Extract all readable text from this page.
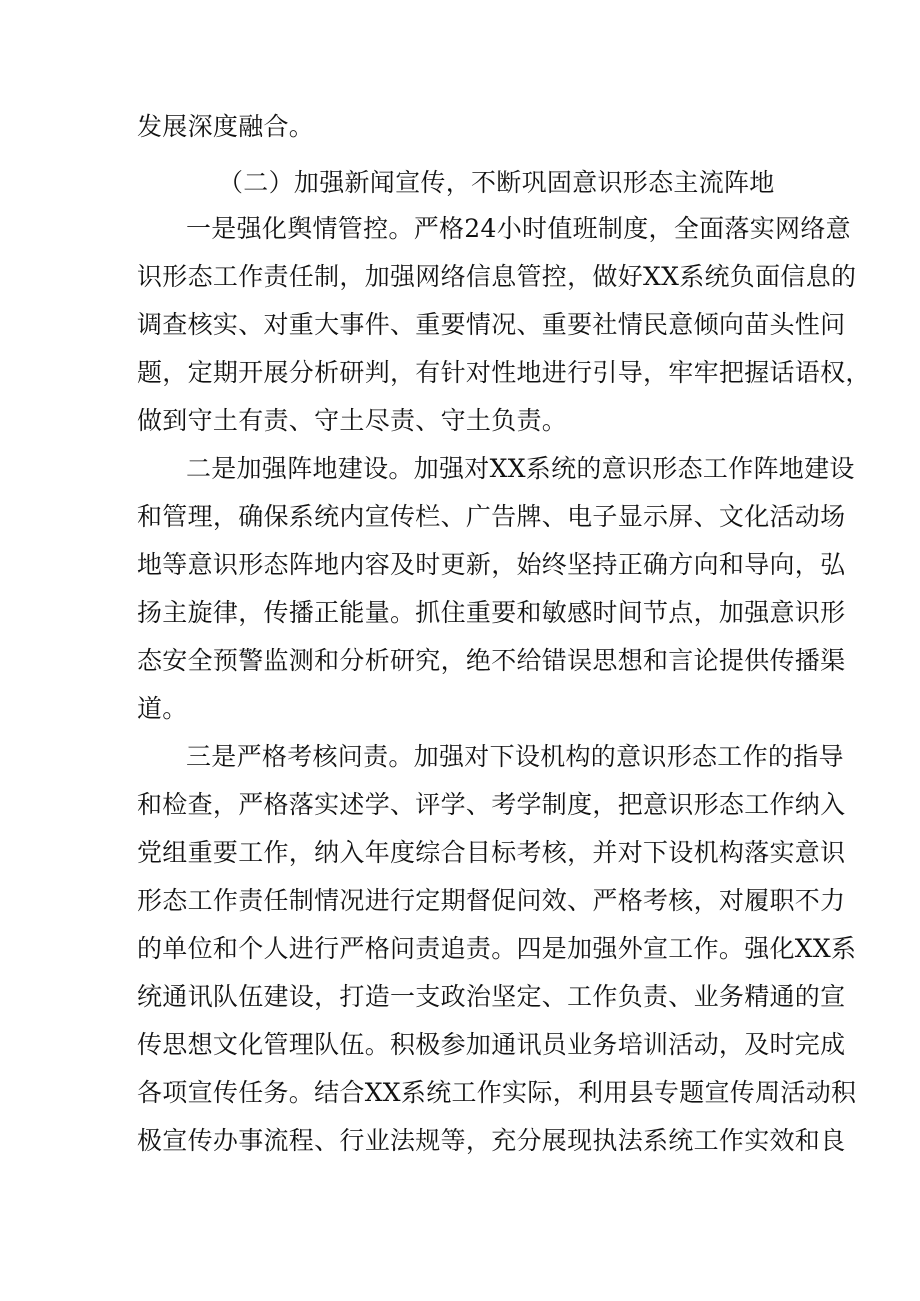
发展深度融合。
（二）加强新闻宣传，不断巩固意识形态主流阵地
一是强化舆情管控。严格24小时值班制度，全面落实网络意
识形态工作责任制，加强网络信息管控，做好XX系统负面信息的
调查核实、对重大事件、重要情况、重要社情民意倾向苗头性问
题，定期开展分析研判，有针对性地进行引导，牢牢把握话语权，
做到守土有责、守土尽责、守土负责。
二是加强阵地建设。加强对XX系统的意识形态工作阵地建设
和管理，确保系统内宣传栏、广告牌、电子显示屏、文化活动场
地等意识形态阵地内容及时更新，始终坚持正确方向和导向，弘
扬主旋律，传播正能量。抓住重要和敏感时间节点，加强意识形
态安全预警监测和分析研究，绝不给错误思想和言论提供传播渠
道。
三是严格考核问责。加强对下设机构的意识形态工作的指导
和检查，严格落实述学、评学、考学制度，把意识形态工作纳入
党组重要工作，纳入年度综合目标考核，并对下设机构落实意识
形态工作责任制情况进行定期督促问效、严格考核，对履职不力
的单位和个人进行严格问责追责。四是加强外宣工作。强化XX系
统通讯队伍建设，打造一支政治坚定、工作负责、业务精通的宣
传思想文化管理队伍。积极参加通讯员业务培训活动，及时完成
各项宣传任务。结合XX系统工作实际，利用县专题宣传周活动积
极宣传办事流程、行业法规等，充分展现执法系统工作实效和良
